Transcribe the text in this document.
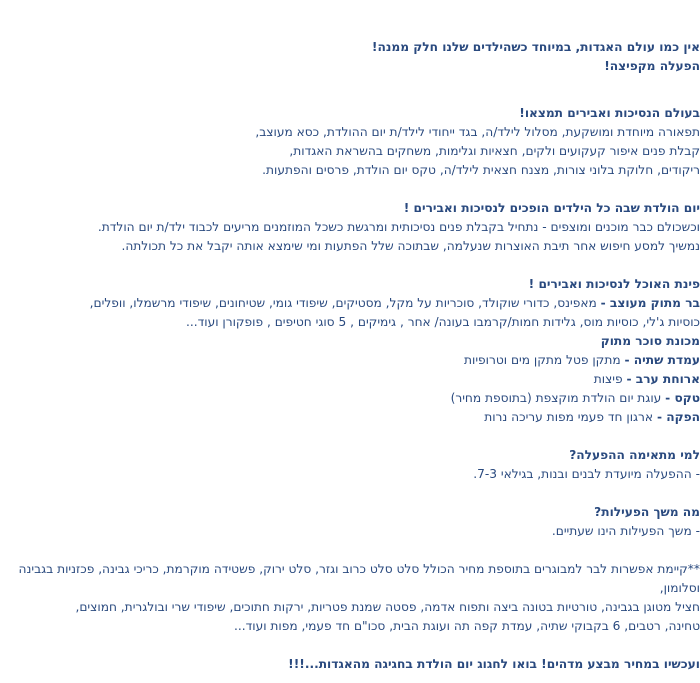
אין כמו עולם האגדות, במיוחד כשהילדים שלנו חלק ממנה!

הפעלה מקפיצה!

בעולם הנסיכות ואבירים תמצאו!

תפאורה מיוחדת ומושקעת, מסלול לילד/ה, בגד ייחודי לילד/ת יום ההולדת, כסא מעוצב,

קבלת פנים איפור קעקועים ולקים, חצאיות וגלימות, משחקים בהשראת האגדות,

ריקודים, חלוקת בלוני צורות, מצנח חצאית לילד/ה, טקס יום הולדת, פרסים והפתעות.

יום הולדת שבה כל הילדים הופכים לנסיכות ואבירים !

וכשכולם כבר מוכנים ומוצפים - נתחיל בקבלת פנים נסיכותית ומרגשת כשכל המוזמנים מריעים לכבוד ילד/ת יום הולדת.

נמשיך למסע חיפוש אחר תיבת האוצרות שנעלמה, שבתוכה שלל הפתעות ומי שימצא אותה יקבל את כל תכולתה.

פינת האוכל לנסיכות ואבירים !

בר מתוק מעוצב - מאפינס, כדורי שוקולד, סוכריות על מקל, מסטיקים, שיפודי גומי, שטיחונים, שיפודי מרשמלו, וופלים,

כוסיות ג'לי, כוסיות מוס, גלידות חמות/קרמבו בעונה/ אחר , גימיקים , 5 סוגי חטיפים , פופקורן ועוד...

מכונת סוכר מתוק

עמדת שתיה - מתקן פטל מתקן מים וטרופיות

ארוחת ערב - פיצות

טקס - עוגת יום הולדת מוקצפת (בתוספת מחיר)

הפקה - ארגון חד פעמי מפות עריכה נרות

למי מתאימה ההפעלה?

- ההפעלה מיועדת לבנים ובנות, בגילאי 7-3.

מה משך הפעילות?

- משך הפעילות הינו שעתיים.

**קיימת אפשרות לבר למבוגרים בתוספת מחיר הכולל סלט סלט כרוב וגזר, סלט ירוק, פשטידה מוקרמת, כריכי גבינה, פכזניות בגבינה וסלומון,

חציל מטוגן בגבינה, טורטיות בטונה ביצה ותפוח אדמה, פסטה שמנת פטריות, ירקות חתוכים, שיפודי שרי ובולגרית, חמוצים,

טחינה, רטבים, 6 בקבוקי שתיה, עמדת קפה תה ועוגת הבית, סכו"ם חד פעמי, מפות ועוד...

ועכשיו במחיר מבצע מדהים! בואו לחגוג יום הולדת בחגיגה מהאגדות...!!!
